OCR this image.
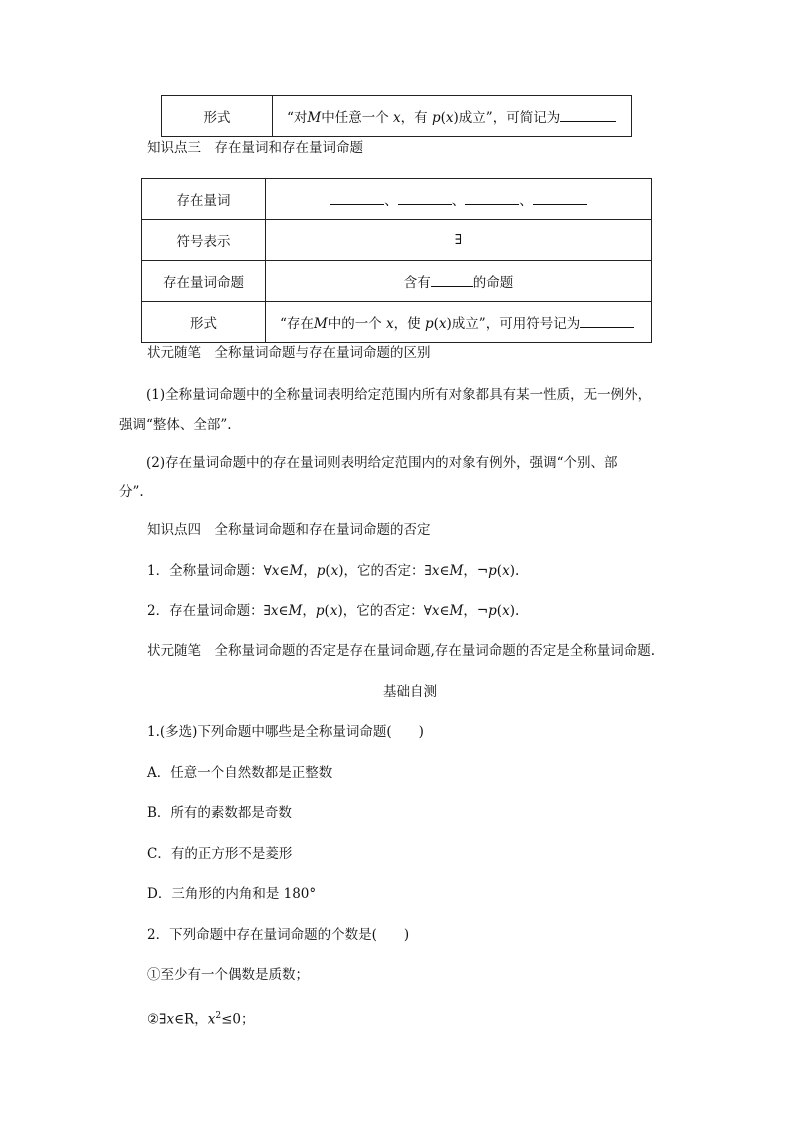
形式	“对M中任意一个 x，有 p(x)成立”，可简记为
知识点三　存在量词和存在量词命题
存在量词	、 、 、
符号表示	∃
存在量词命题	含有 的命题
形式	“存在M中的一个 x，使 p(x)成立”，可用符号记为
状元随笔　全称量词命题与存在量词命题的区别
(1)全称量词命题中的全称量词表明给定范围内所有对象都具有某一性质，无一例外，
强调“整体、全部”.
(2)存在量词命题中的存在量词则表明给定范围内的对象有例外，强调“个别、部
分”.
知识点四　全称量词命题和存在量词命题的否定
1．全称量词命题：∀x∈M，p(x)，它的否定：∃x∈M，¬p(x).
2．存在量词命题：∃x∈M，p(x)，它的否定：∀x∈M，¬p(x).
状元随笔　全称量词命题的否定是存在量词命题,存在量词命题的否定是全称量词命题.
基础自测
1.(多选)下列命题中哪些是全称量词命题(　　)
A．任意一个自然数都是正整数
B．所有的素数都是奇数
C．有的正方形不是菱形
D．三角形的内角和是 180°
2．下列命题中存在量词命题的个数是(　　)
①至少有一个偶数是质数；
②∃x∈R，$x^2\le 0$；
